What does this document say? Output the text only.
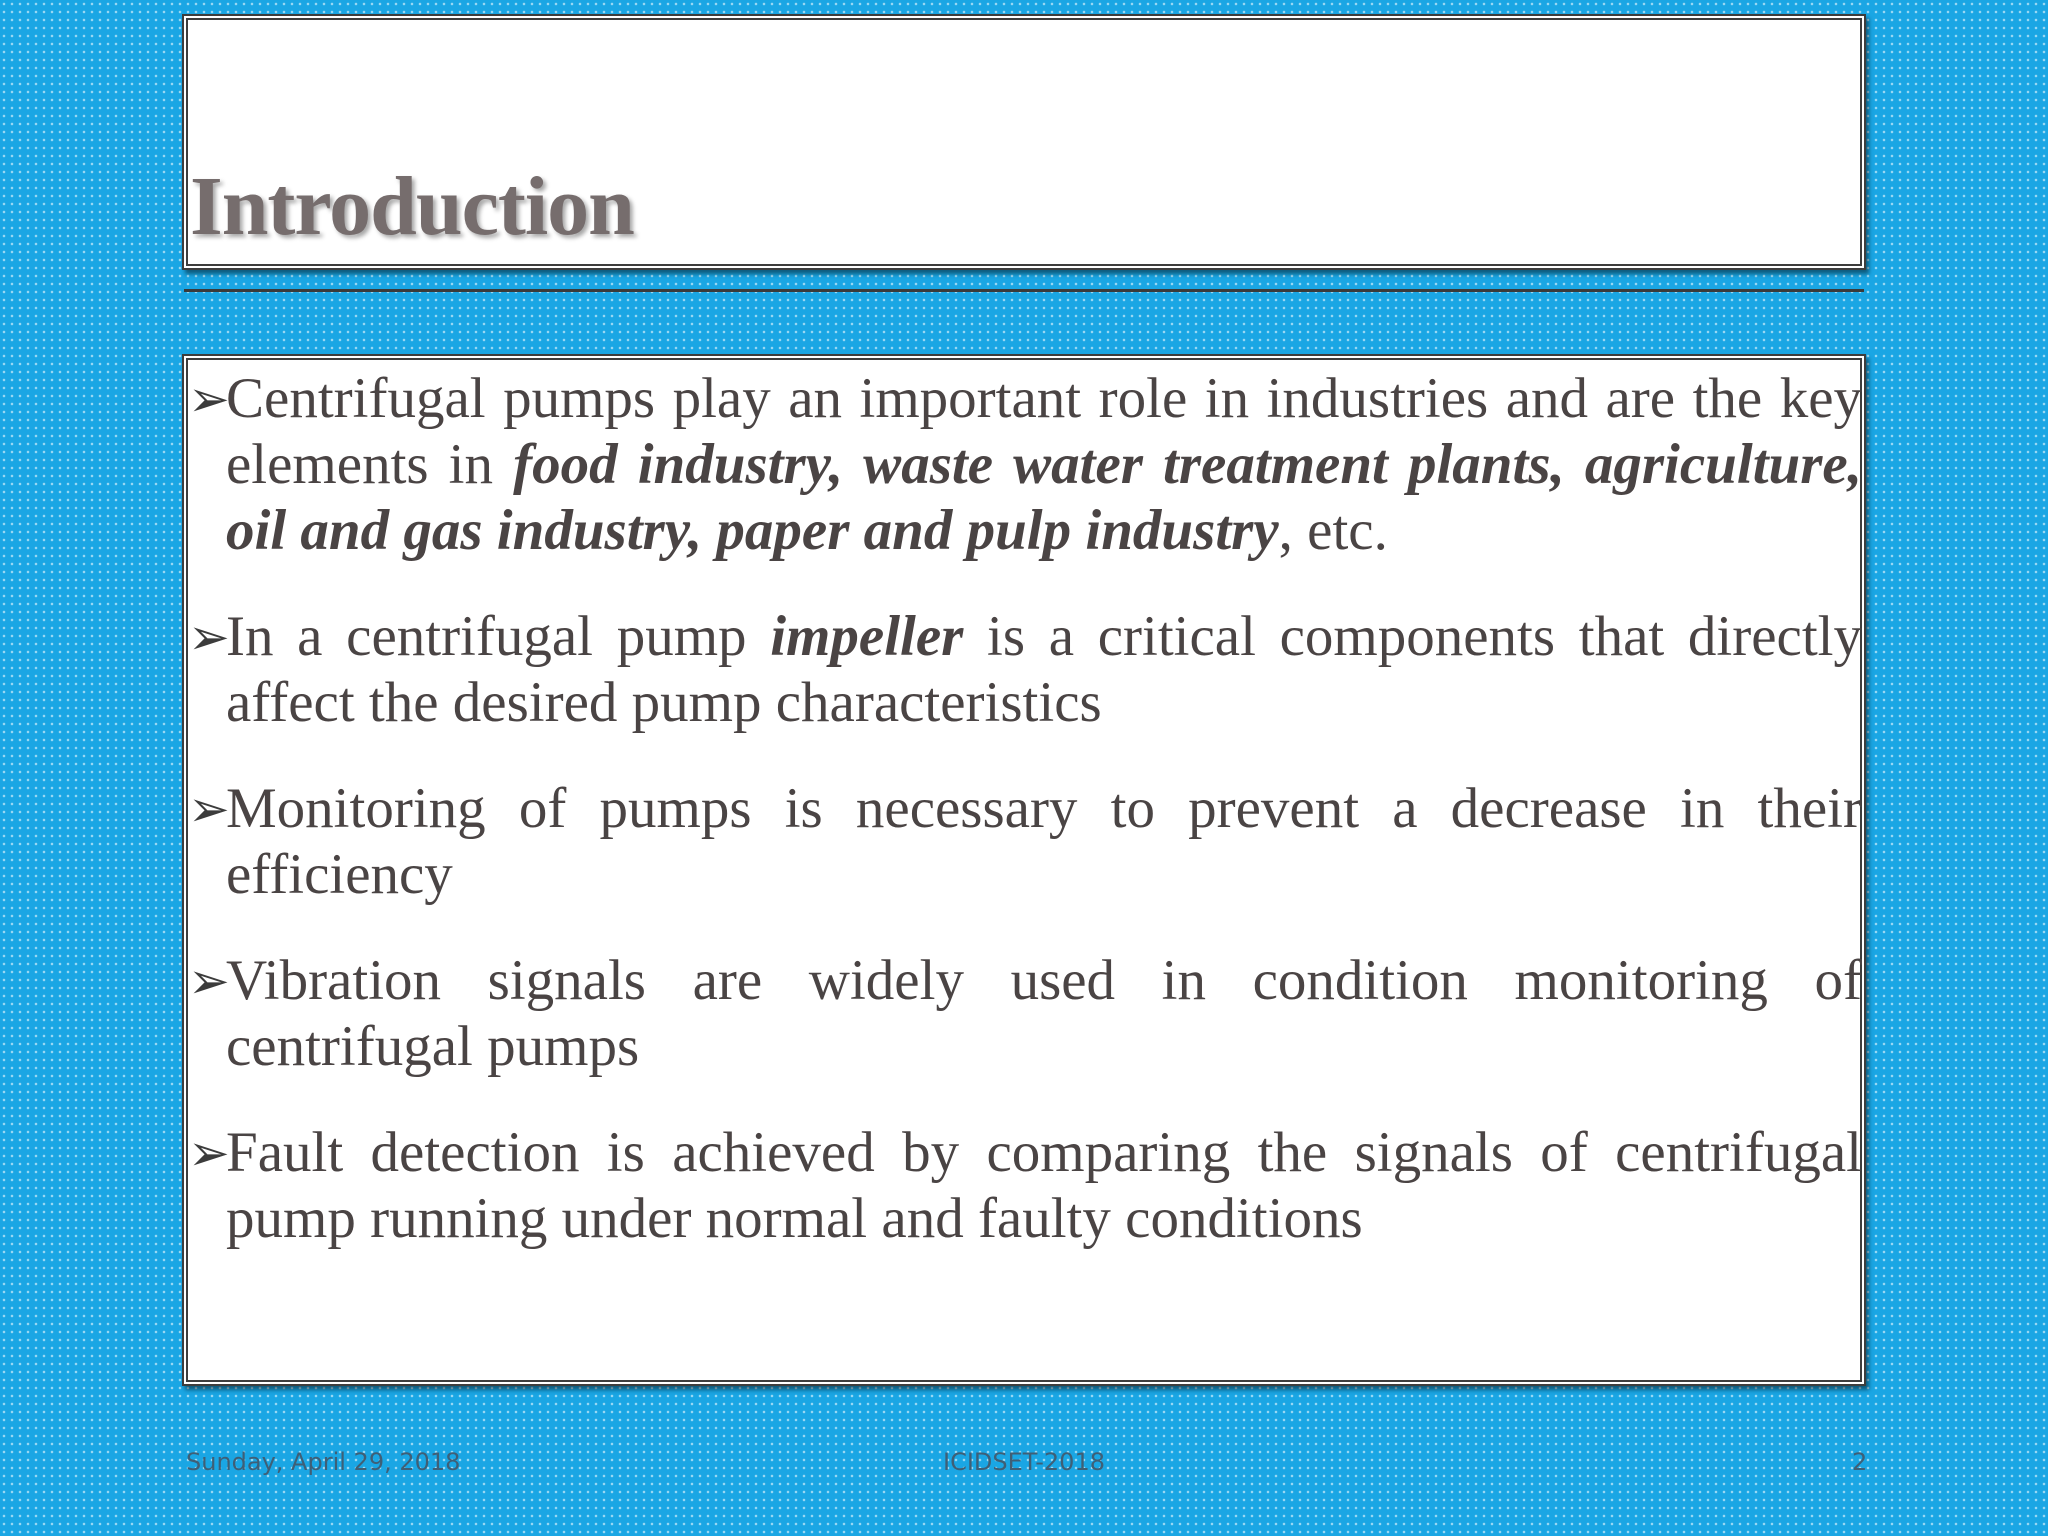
Introduction
➢
Centrifugal pumps play an important role in industries and are the key elements in food industry, waste water treatment plants, agriculture, oil and gas industry, paper and pulp industry, etc.
➢
In a centrifugal pump impeller is a critical components that directly affect the desired pump characteristics
➢
Monitoring of pumps is necessary to prevent a decrease in their efficiency
➢
Vibration signals are widely used in condition monitoring of centrifugal pumps
➢
Fault detection is achieved by comparing the signals of centrifugal pump running under normal and faulty conditions
Sunday, April 29, 2018	ICIDSET-2018	2
